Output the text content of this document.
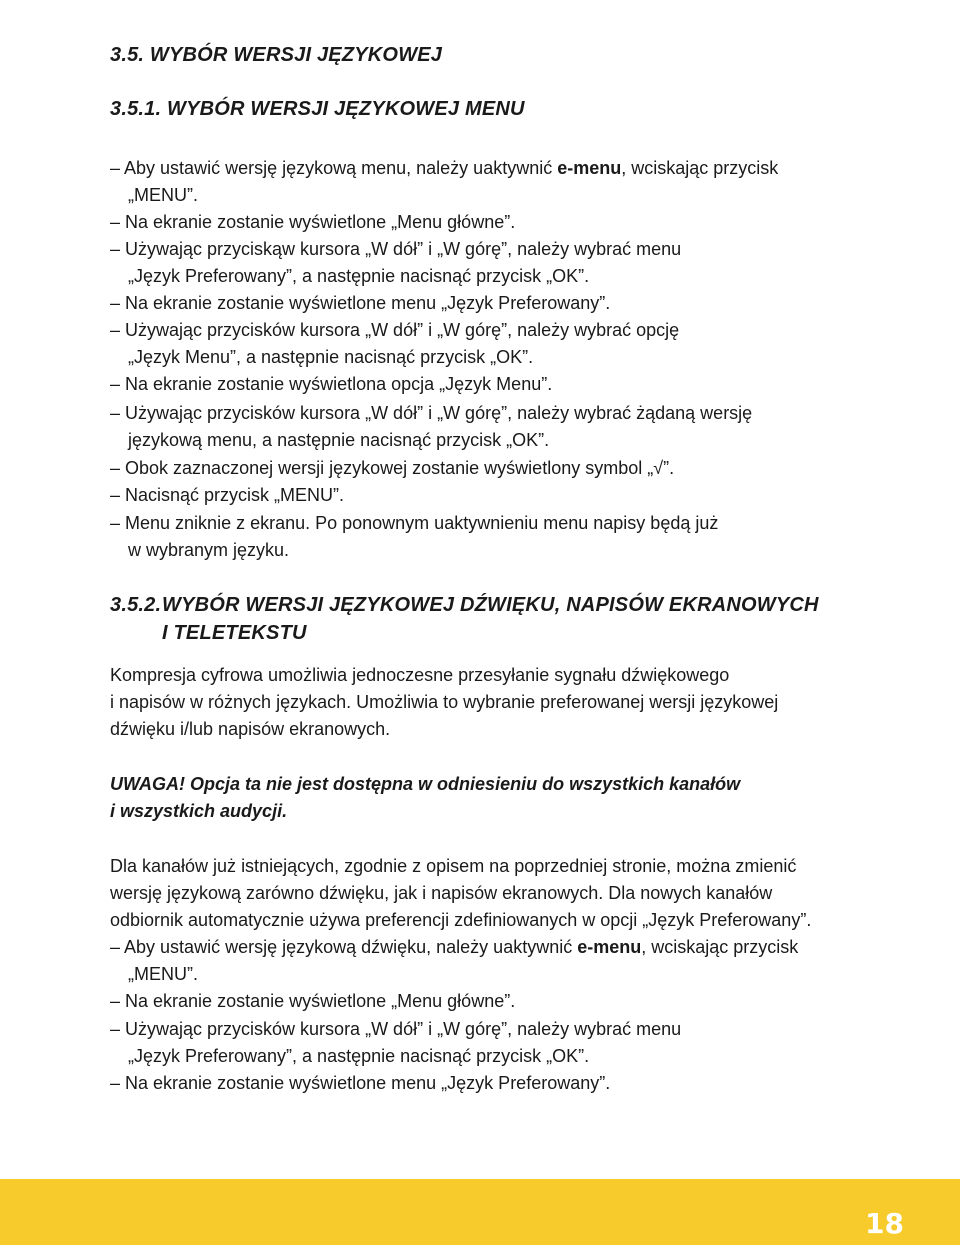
3.5. WYBÓR WERSJI JĘZYKOWEJ
3.5.1. WYBÓR WERSJI JĘZYKOWEJ MENU
– Aby ustawić wersję językową menu, należy uaktywnić e-menu, wciskając przycisk
„MENU”.
– Na ekranie zostanie wyświetlone „Menu główne”.
– Używając przyciskąw kursora „W dół” i „W górę”, należy wybrać menu
„Język Preferowany”, a następnie nacisnąć przycisk „OK”.
– Na ekranie zostanie wyświetlone menu „Język Preferowany”.
– Używając przycisków kursora „W dół” i „W górę”, należy wybrać opcję
„Język Menu”, a następnie nacisnąć przycisk „OK”.
– Na ekranie zostanie wyświetlona opcja „Język Menu”.
– Używając przycisków kursora „W dół” i „W górę”, należy wybrać żądaną wersję
językową menu, a następnie nacisnąć przycisk „OK”.
– Obok zaznaczonej wersji językowej zostanie wyświetlony symbol „√”.
– Nacisnąć przycisk „MENU”.
– Menu zniknie z ekranu. Po ponownym uaktywnieniu menu napisy będą już
w wybranym języku.
3.5.2.WYBÓR WERSJI JĘZYKOWEJ DŹWIĘKU, NAPISÓW EKRANOWYCH
I TELETEKSTU
Kompresja cyfrowa umożliwia jednoczesne przesyłanie sygnału dźwiękowego
i napisów w różnych językach. Umożliwia to wybranie preferowanej wersji językowej
dźwięku i/lub napisów ekranowych.
UWAGA! Opcja ta nie jest dostępna w odniesieniu do wszystkich kanałów
i wszystkich audycji.
Dla kanałów już istniejących, zgodnie z opisem na poprzedniej stronie, można zmienić
wersję językową zarówno dźwięku, jak i napisów ekranowych. Dla nowych kanałów
odbiornik automatycznie używa preferencji zdefiniowanych w opcji „Język Preferowany”.
– Aby ustawić wersję językową dźwięku, należy uaktywnić e-menu, wciskając przycisk
„MENU”.
– Na ekranie zostanie wyświetlone „Menu główne”.
– Używając przycisków kursora „W dół” i „W górę”, należy wybrać menu
„Język Preferowany”, a następnie nacisnąć przycisk „OK”.
– Na ekranie zostanie wyświetlone menu „Język Preferowany”.
18
